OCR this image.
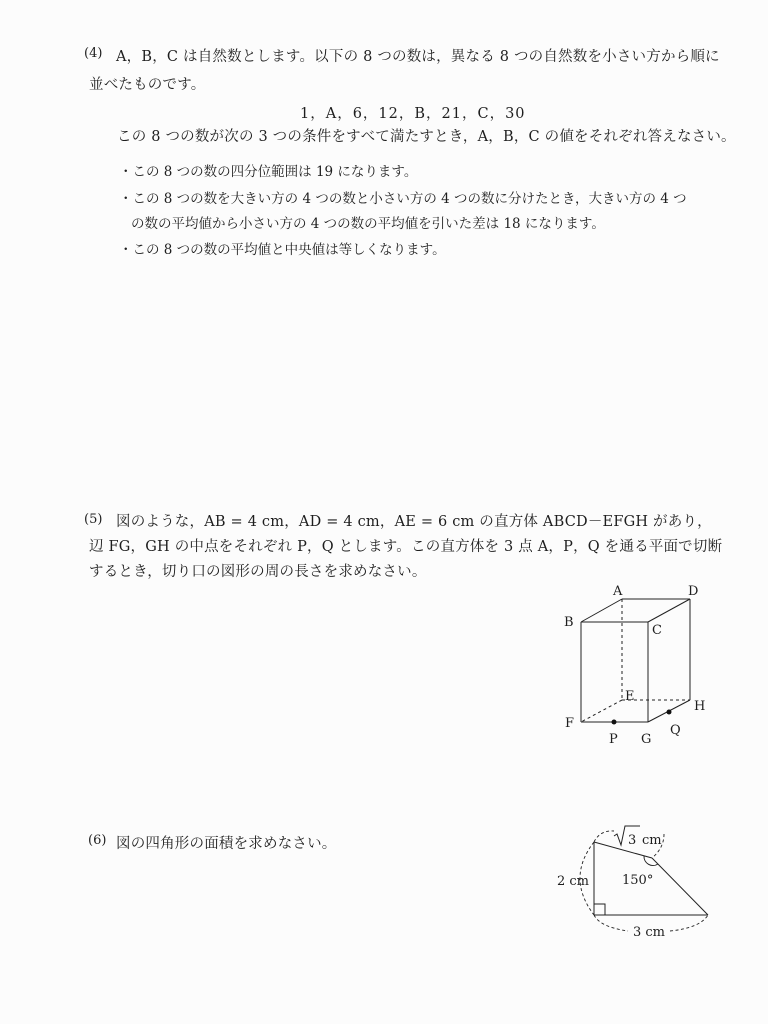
(4) A，B，C は自然数とします。以下の 8 つの数は，異なる 8 つの自然数を小さい方から順に
並べたものです。
1，A，6，12，B，21，C，30
この 8 つの数が次の 3 つの条件をすべて満たすとき，A，B，C の値をそれぞれ答えなさい。
・この 8 つの数の四分位範囲は 19 になります。
・この 8 つの数を大きい方の 4 つの数と小さい方の 4 つの数に分けたとき，大きい方の 4 つ
の数の平均値から小さい方の 4 つの数の平均値を引いた差は 18 になります。
・この 8 つの数の平均値と中央値は等しくなります。
(5) 図のような，AB = 4 cm，AD = 4 cm，AE = 6 cm の直方体 ABCD－EFGH があり，
辺 FG，GH の中点をそれぞれ P，Q とします。この直方体を 3 点 A，P，Q を通る平面で切断
するとき，切り口の図形の周の長さを求めなさい。
A	D
B
C
E
H
F
P G
Q
(6) 図の四角形の面積を求めなさい。	3 cm
2 cm	150°
3 cm
